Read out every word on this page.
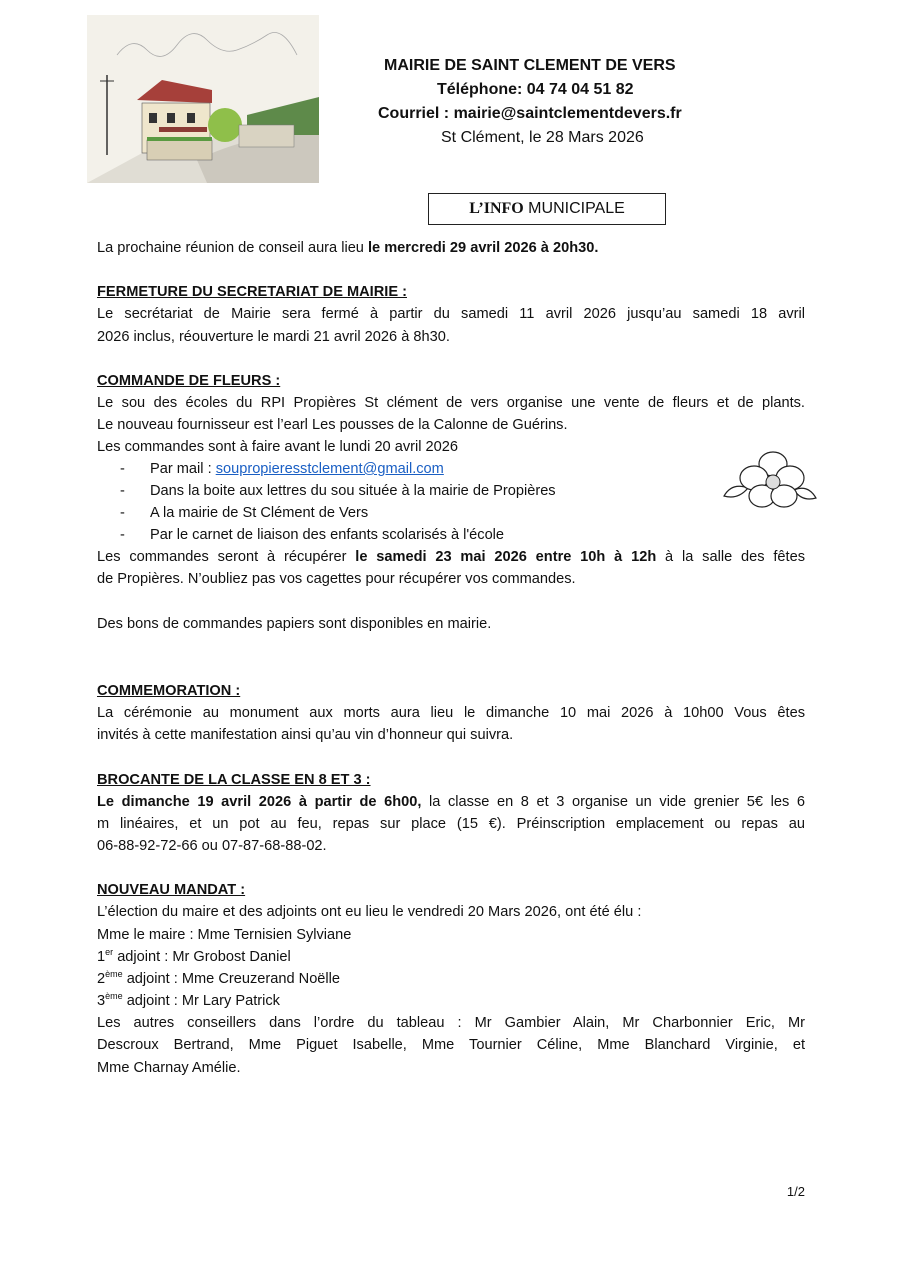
MAIRIE DE SAINT CLEMENT DE VERS
Téléphone: 04 74 04 51 82
Courriel : mairie@saintclementdevers.fr
St Clément, le 28 Mars 2026
L’INFO MUNICIPALE
La prochaine réunion de conseil aura lieu le mercredi 29 avril 2026 à 20h30.
FERMETURE DU SECRETARIAT DE MAIRIE :
Le secrétariat de Mairie sera fermé à partir du samedi 11 avril 2026 jusqu’au samedi 18 avril
2026 inclus, réouverture le mardi 21 avril 2026 à 8h30.
COMMANDE DE FLEURS :
Le sou des écoles du RPI Propières St clément de vers organise une vente de fleurs et de plants.
Le nouveau fournisseur est l’earl Les pousses de la Calonne de Guérins.
Les commandes sont à faire avant le lundi 20 avril 2026
- Par mail : soupropieresstclement@gmail.com
- Dans la boite aux lettres du sou située à la mairie de Propières
- A la mairie de St Clément de Vers
- Par le carnet de liaison des enfants scolarisés à l'école
Les commandes seront à récupérer le samedi 23 mai 2026 entre 10h à 12h à la salle des fêtes
de Propières. N’oubliez pas vos cagettes pour récupérer vos commandes.
Des bons de commandes papiers sont disponibles en mairie.
COMMEMORATION :
La cérémonie au monument aux morts aura lieu le dimanche 10 mai 2026 à 10h00 Vous êtes
invités à cette manifestation ainsi qu’au vin d’honneur qui suivra.
BROCANTE DE LA CLASSE EN 8 ET 3 :
Le dimanche 19 avril 2026 à partir de 6h00, la classe en 8 et 3 organise un vide grenier 5€ les 6
m linéaires, et un pot au feu, repas sur place (15 €). Préinscription emplacement ou repas au
06-88-92-72-66 ou 07-87-68-88-02.
NOUVEAU MANDAT :
L’élection du maire et des adjoints ont eu lieu le vendredi 20 Mars 2026, ont été élu :
Mme le maire : Mme Ternisien Sylviane
1er adjoint : Mr Grobost Daniel
2ème adjoint : Mme Creuzerand Noëlle
3ème adjoint : Mr Lary Patrick
Les autres conseillers dans l’ordre du tableau : Mr Gambier Alain, Mr Charbonnier Eric, Mr
Descroux Bertrand, Mme Piguet Isabelle, Mme Tournier Céline, Mme Blanchard Virginie, et
Mme Charnay Amélie.
1/2
